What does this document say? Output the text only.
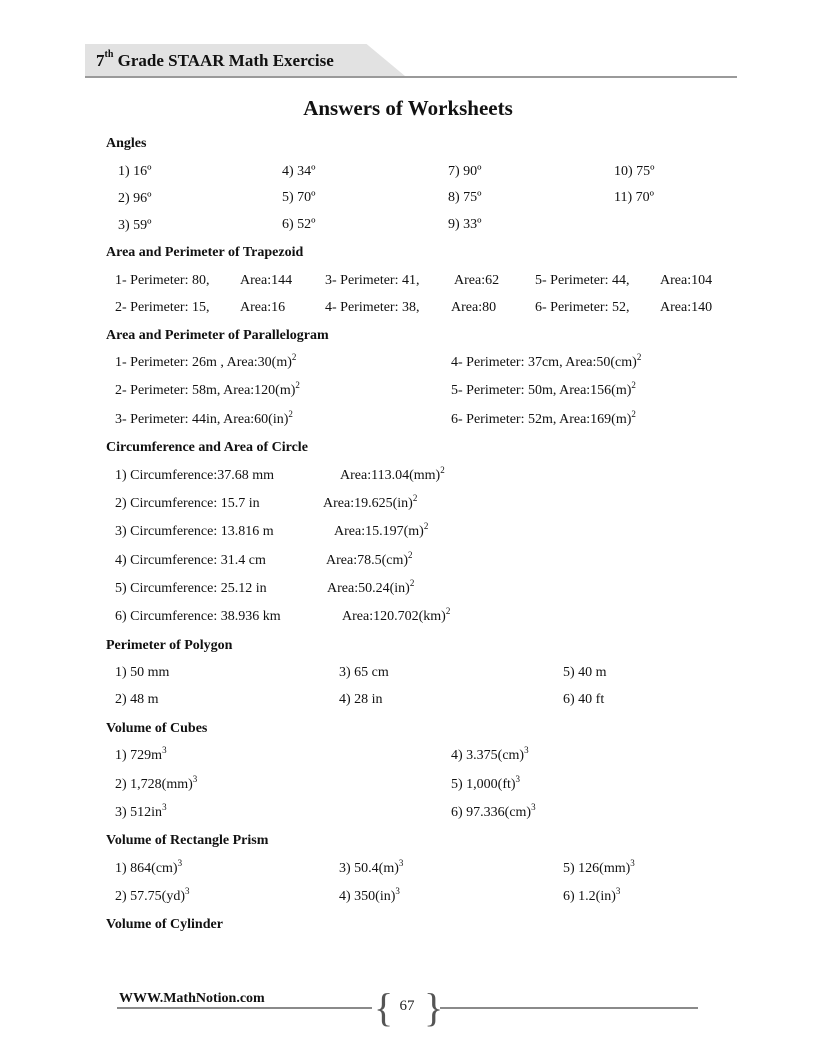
7th Grade STAAR Math Exercise
Answers of Worksheets
Angles
1) 16º	4) 34º	7) 90º	10) 75º
2) 96º	5) 70º	8) 75º	11) 70º
3) 59º	6) 52º	9) 33º
Area and Perimeter of Trapezoid
1- Perimeter: 80, Area:144 3- Perimeter: 41, Area:62	5- Perimeter: 44, Area:104
2- Perimeter: 15, Area:16	4- Perimeter: 38, Area:80	6- Perimeter: 52, Area:140
Area and Perimeter of Parallelogram
1- Perimeter: 26m , $Area:30(m)^2$	4- Perimeter: 37cm, Area:50(cm)$^2$
2- Perimeter: 58m, $Area:120(m)^2$	5- Perimeter: 50m, $Area:156(m)^2$
3- Perimeter: 44in, Area:60(in)$^2$	6- Perimeter: 52m, $Area:169(m)^2$
Circumference and Area of Circle
1) Circumference:37.68 mm	Area:113.04(mm)$^2$
2) Circumference: 15.7 in	Area:19.625(in)$^2$
3) Circumference: 13.816 m	$Area:15.197(m)^2$
4) Circumference: 31.4 cm	Area:78.5(cm)$^2$
5) Circumference: 25.12 in	Area:50.24(in)$^2$
6) Circumference: 38.936 km	Area:120.702(km)$^2$
Perimeter of Polygon
1) 50 mm	3) 65 cm	5) 40 m
2) 48 m	4) 28 in	6) 40 ft
Volume of Cubes
1) $729m^3$	4) 3.375(cm)$^3$
2) 1,728(mm)$^3$	5) 1,000(ft)$^3$
3) $512in^3$	6) 97.336(cm)$^3$
Volume of Rectangle Prism
1) 864(cm)$^3$	3) $50.4(m)^3$	5) 126(mm)$^3$
2) 57.75(yd)$^3$	4) 350(in)$^3$	6) 1.2(in)$^3$
Volume of Cylinder
WWW.MathNotion.com	{ }
67
